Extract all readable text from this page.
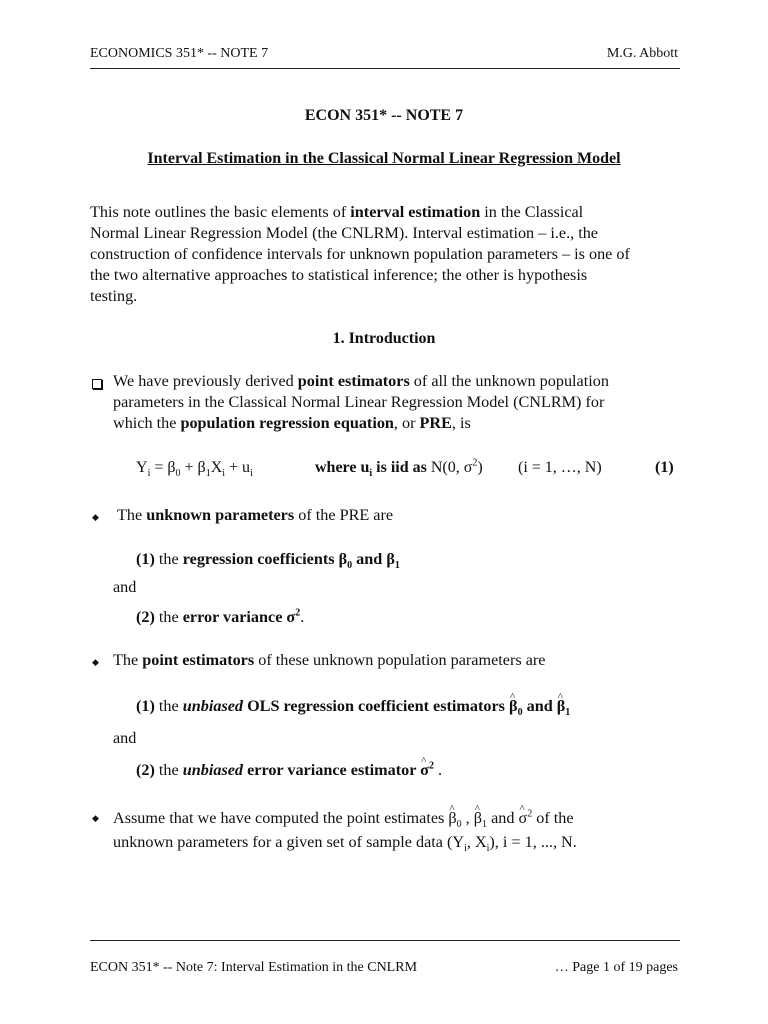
ECONOMICS 351* -- NOTE 7	M.G. Abbott
ECON 351* -- NOTE 7
Interval Estimation in the Classical Normal Linear Regression Model
This note outlines the basic elements of interval estimation in the Classical
Normal Linear Regression Model (the CNLRM). Interval estimation – i.e., the
construction of confidence intervals for unknown population parameters – is one of
the two alternative approaches to statistical inference; the other is hypothesis
testing.
1. Introduction
We have previously derived point estimators of all the unknown population
parameters in the Classical Normal Linear Regression Model (CNLRM) for
which the population regression equation, or PRE, is
$Y_i = \beta_0 + \beta_1X_i + u_i$	where $u_i$ is iid as N(0, $\sigma^2$) (i = 1, …, N)	(1)
◆ The unknown parameters of the PRE are
(1) the regression coefficients $\beta_0$ and $\beta_1$
and
(2) the error variance $\sigma^2$.
◆ The point estimators of these unknown population parameters are
(1) the unbiased OLS regression coefficient estimators ^ $\beta_0$ and ^ $\beta_1$
and
(2) the unbiased error variance estimator ^ $\sigma^2$ .
◆ Assume that we have computed the point estimates ^ $\beta_0$ , ^ $\beta_1$ and ^ $\sigma^2$ of the
unknown parameters for a given set of sample data ($Y_i$, $X_i$), i = 1, ..., N.
ECON 351* -- Note 7: Interval Estimation in the CNLRM	… Page 1 of 19 pages
